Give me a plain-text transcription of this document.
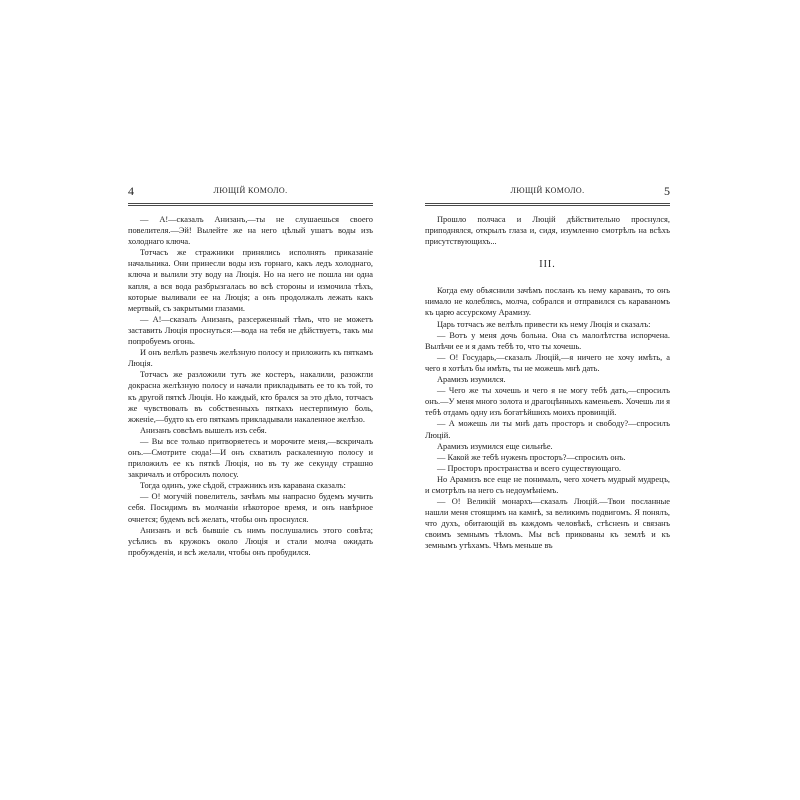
4	ЛЮЩІЙ КОМОЛО.

— А!—сказалъ Анизанъ,—ты не слушаешься своего повелителя.—Эй! Вылейте же на него цѣлый ушатъ воды изъ холоднаго ключа.

Тотчасъ же стражники принялись исполнять приказаніе начальника. Они принесли воды изъ горнаго, какъ ледъ холоднаго, ключа и вылили эту воду на Люція. Но на него не пошла ни одна капля, а вся вода разбрызгалась во всѣ стороны и измочила тѣхъ, которые выливали ее на Люція; а онъ продолжалъ лежать какъ мертвый, съ закрытыми глазами.

— А!—сказалъ Анизанъ, разсерженный тѣмъ, что не можетъ заставить Люція проснуться:—вода на тебя не дѣйствуетъ, такъ мы попробуемъ огонь.

И онъ велѣлъ развечь желѣзную полосу и приложить къ пяткамъ Люція.

Тотчасъ же разложили тутъ же костеръ, накалили, разожгли докрасна желѣзную полосу и начали прикладывать ее то къ той, то къ другой пяткѣ Люція. Но каждый, кто брался за это дѣло, тотчасъ же чувствовалъ въ собственныхъ пяткахъ нестерпимую боль, жженіе,—будто къ его пяткамъ прикладывали накаленное желѣзо.

Анизанъ совсѣмъ вышелъ изъ себя.

— Вы все только притворяетесь и морочите меня,—вскричалъ онъ.—Смотрите сюда!—И онъ схватилъ раскаленную полосу и приложилъ ее къ пяткѣ Люція, но въ ту же секунду страшно закричалъ и отбросилъ полосу.

Тогда одинъ, уже сѣдой, стражникъ изъ каравана сказалъ:

— О! могучій повелитель, зачѣмъ мы напрасно будемъ мучить себя. Посидимъ въ молчаніи нѣкоторое время, и онъ навѣрное очнется; будемъ всѣ желать, чтобы онъ проснулся.

Анизанъ и всѣ бывшіе съ нимъ послушались этого совѣта; усѣлись въ кружокъ около Люція и стали молча ожидать пробужденія, и всѣ желали, чтобы онъ пробудился.

ЛЮЩІЙ КОМОЛО.	5

Прошло полчаса и Люцій дѣйствительно проснулся, приподнялся, открылъ глаза и, сидя, изумленно смотрѣлъ на всѣхъ присутствующихъ...

III.

Когда ему объяснили зачѣмъ посланъ къ нему караванъ, то онъ нимало не колеблясь, молча, собрался и отправился съ караваномъ къ царю ассурскому Арамизу.

Царь тотчасъ же велѣлъ привести къ нему Люція и сказалъ:

— Вотъ у меня дочь больна. Она съ малолѣтства испорчена. Вылѣчи ее и я дамъ тебѣ то, что ты хочешь.

— О! Государь,—сказалъ Люцій,—я ничего не хочу имѣть, а чего я хотѣлъ бы имѣть, ты не можешь мнѣ дать.

Арамизъ изумился.

— Чего же ты хочешь и чего я не могу тебѣ дать,—спросилъ онъ.—У меня много золота и драгоцѣнныхъ каменьевъ. Хочешь ли я тебѣ отдамъ одну изъ богатѣйшихъ моихъ провинцій.

— А можешь ли ты мнѣ дать просторъ и свободу?—спросилъ Люцій.

Арамизъ изумился еще сильнѣе.

— Какой же тебѣ нуженъ просторъ?—спросилъ онъ.

— Просторъ пространства и всего существующаго.

Но Арамизъ все еще не понималъ, чего хочетъ мудрый мудрецъ, и смотрѣлъ на него съ недоумѣніемъ.

— О! Великій монархъ—сказалъ Люцій.—Твои посланные нашли меня стоящимъ на камнѣ, за великимъ подвигомъ. Я понялъ, что духъ, обитающій въ каждомъ человѣкѣ, стѣсненъ и связанъ своимъ земнымъ тѣломъ. Мы всѣ прикованы къ землѣ и къ земнымъ утѣхамъ. Чѣмъ меньше въ
